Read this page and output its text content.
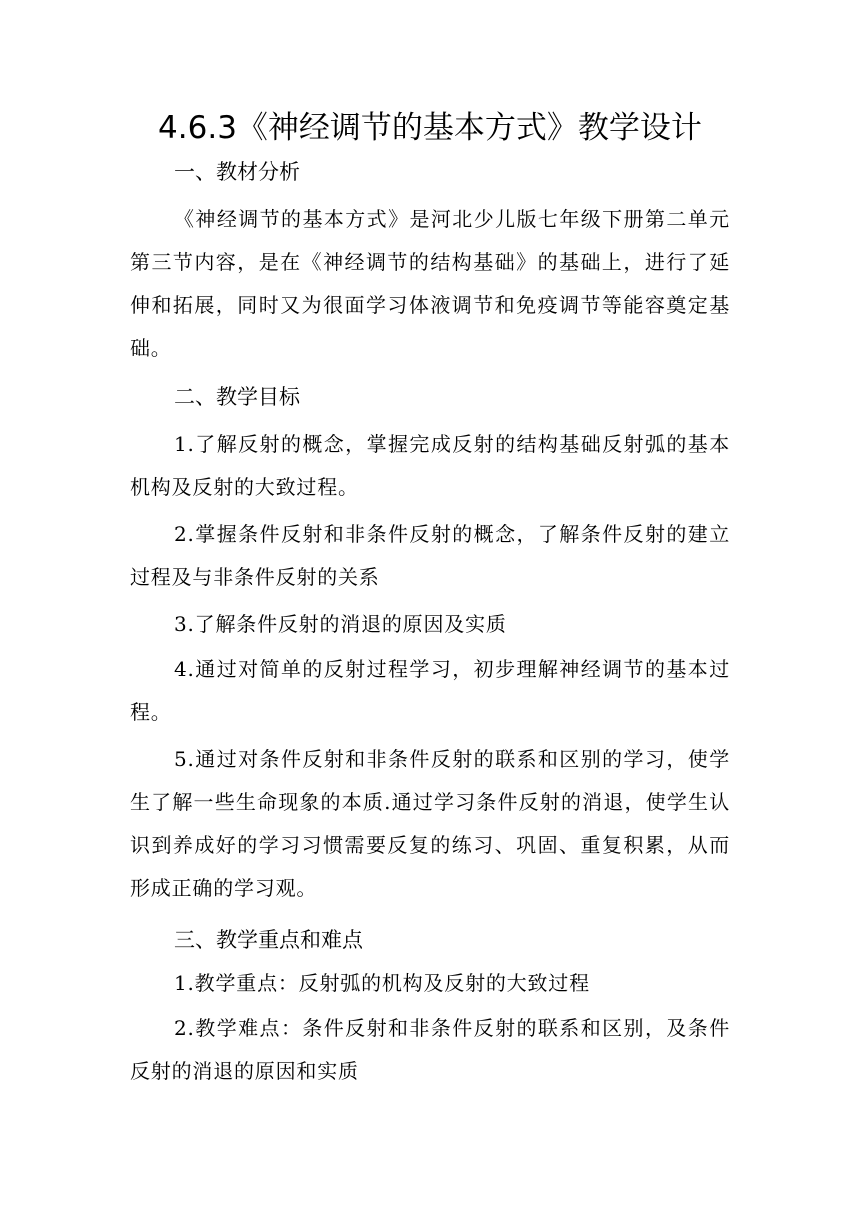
4.6.3《神经调节的基本方式》教学设计
一、教材分析

《神经调节的基本方式》是河北少儿版七年级下册第二单元第三节内容，是在《神经调节的结构基础》的基础上，进行了延伸和拓展，同时又为很面学习体液调节和免疫调节等能容奠定基础。

二、教学目标

1.了解反射的概念，掌握完成反射的结构基础反射弧的基本机构及反射的大致过程。

2.掌握条件反射和非条件反射的概念，了解条件反射的建立过程及与非条件反射的关系

3.了解条件反射的消退的原因及实质

4.通过对简单的反射过程学习，初步理解神经调节的基本过程。

5.通过对条件反射和非条件反射的联系和区别的学习，使学生了解一些生命现象的本质.通过学习条件反射的消退，使学生认识到养成好的学习习惯需要反复的练习、巩固、重复积累，从而形成正确的学习观。

三、教学重点和难点

1.教学重点：反射弧的机构及反射的大致过程

2.教学难点：条件反射和非条件反射的联系和区别，及条件反射的消退的原因和实质
